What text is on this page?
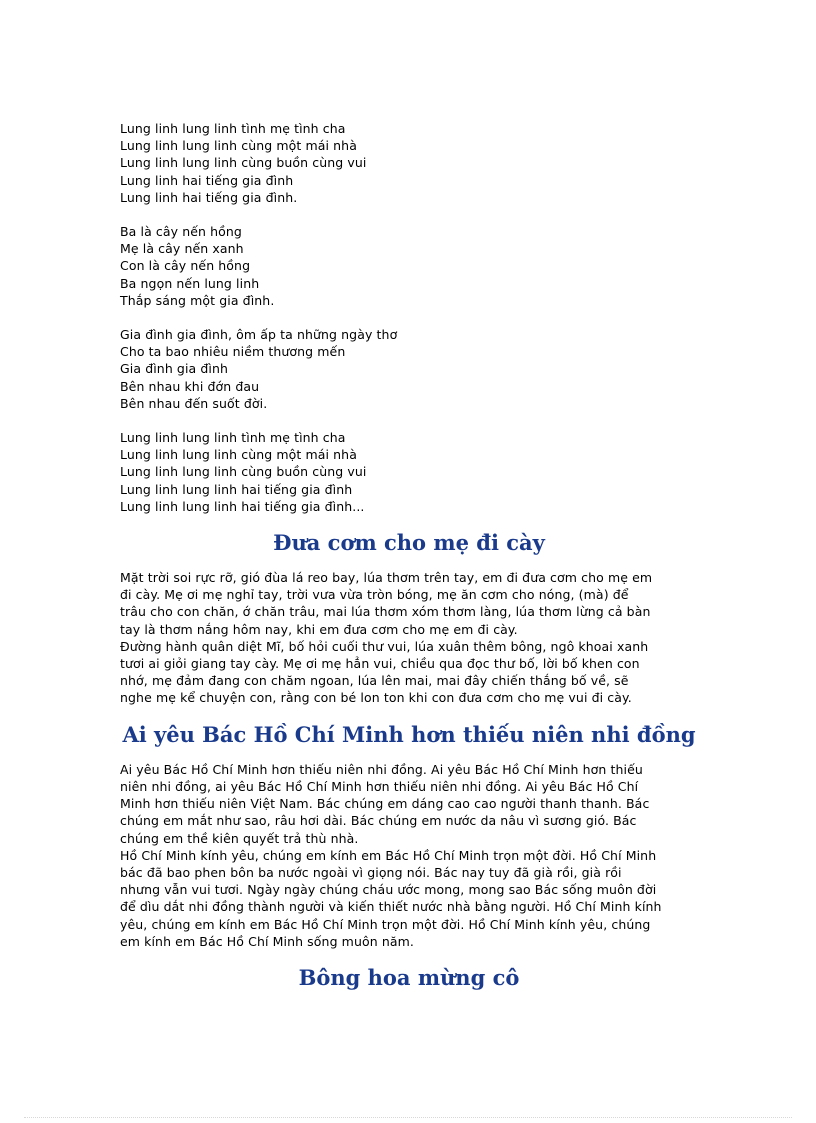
Lung linh lung linh tình mẹ tình cha
Lung linh lung linh cùng một mái nhà
Lung linh lung linh cùng buồn cùng vui
Lung linh hai tiếng gia đình
Lung linh hai tiếng gia đình.
Ba là cây nến hồng
Mẹ là cây nến xanh
Con là cây nến hồng
Ba ngọn nến lung linh
Thắp sáng một gia đình.
Gia đình gia đình, ôm ấp ta những ngày thơ
Cho ta bao nhiêu niềm thương mến
Gia đình gia đình
Bên nhau khi đớn đau
Bên nhau đến suốt đời.
Lung linh lung linh tình mẹ tình cha
Lung linh lung linh cùng một mái nhà
Lung linh lung linh cùng buồn cùng vui
Lung linh lung linh hai tiếng gia đình
Lung linh lung linh hai tiếng gia đình...
Đưa cơm cho mẹ đi cày
Mặt trời soi rực rỡ, gió đùa lá reo bay, lúa thơm trên tay, em đi đưa cơm cho mẹ em
đi cày. Mẹ ơi mẹ nghỉ tay, trời vưa vừa tròn bóng, mẹ ăn cơm cho nóng, (mà) để
trâu cho con chăn, ớ chăn trâu, mai lúa thơm xóm thơm làng, lúa thơm lừng cả bàn
tay là thơm nắng hôm nay, khi em đưa cơm cho mẹ em đi cày.
Đường hành quân diệt Mĩ, bố hỏi cuối thư vui, lúa xuân thêm bông, ngô khoai xanh
tươi ai giỏi giang tay cày. Mẹ ơi mẹ hẳn vui, chiều qua đọc thư bố, lời bố khen con
nhớ, mẹ đảm đang con chăm ngoan, lúa lên mai, mai đây chiến thắng bố về, sẽ
nghe mẹ kể chuyện con, rằng con bé lon ton khi con đưa cơm cho mẹ vui đi cày.
Ai yêu Bác Hồ Chí Minh hơn thiếu niên nhi đồng
Ai yêu Bác Hồ Chí Minh hơn thiếu niên nhi đồng. Ai yêu Bác Hồ Chí Minh hơn thiếu
niên nhi đồng, ai yêu Bác Hồ Chí Minh hơn thiếu niên nhi đồng. Ai yêu Bác Hồ Chí
Minh hơn thiếu niên Việt Nam. Bác chúng em dáng cao cao người thanh thanh. Bác
chúng em mắt như sao, râu hơi dài. Bác chúng em nước da nâu vì sương gió. Bác
chúng em thề kiên quyết trả thù nhà.
Hồ Chí Minh kính yêu, chúng em kính em Bác Hồ Chí Minh trọn một đời. Hồ Chí Minh
bác đã bao phen bôn ba nước ngoài vì giọng nói. Bác nay tuy đã già rồi, già rồi
nhưng vẫn vui tươi. Ngày ngày chúng cháu ước mong, mong sao Bác sống muôn đời
để dìu dắt nhi đồng thành người và kiến thiết nước nhà bằng người. Hồ Chí Minh kính
yêu, chúng em kính em Bác Hồ Chí Minh trọn một đời. Hồ Chí Minh kính yêu, chúng
em kính em Bác Hồ Chí Minh sống muôn năm.
Bông hoa mừng cô
